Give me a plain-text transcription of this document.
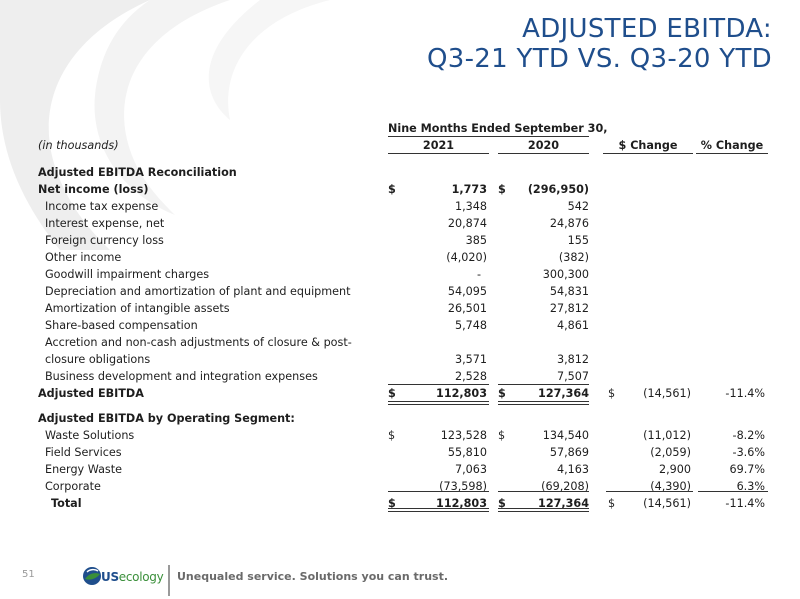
ADJUSTED EBITDA:
Q3-21 YTD VS. Q3-20 YTD
Nine Months Ended September 30,
(in thousands)	2021	2020	$ Change	% Change
Adjusted EBITDA Reconciliation
Net income (loss)	$	1,773 $	(296,950)
Income tax expense	1,348	542
Interest expense, net	20,874	24,876
Foreign currency loss	385	155
Other income	(4,020)	(382)
Goodwill impairment charges	-	300,300
Depreciation and amortization of plant and equipment	54,095	54,831
Amortization of intangible assets	26,501	27,812
Share-based compensation	5,748	4,861
Accretion and non-cash adjustments of closure & post-
closure obligations	3,571	3,812
Business development and integration expenses	2,528	7,507
Adjusted EBITDA	$	112,803 $	127,364 $	(14,561)	-11.4%
Adjusted EBITDA by Operating Segment:
Waste Solutions	$	123,528 $	134,540	(11,012)	-8.2%
Field Services	55,810	57,869	(2,059)	-3.6%
Energy Waste	7,063	4,163	2,900	69.7%
Corporate	(73,598)	(69,208)	(4,390)	6.3%
Total	$	112,803 $	127,364 $	(14,561)	-11.4%
51	USecology Unequaled service. Solutions you can trust.
